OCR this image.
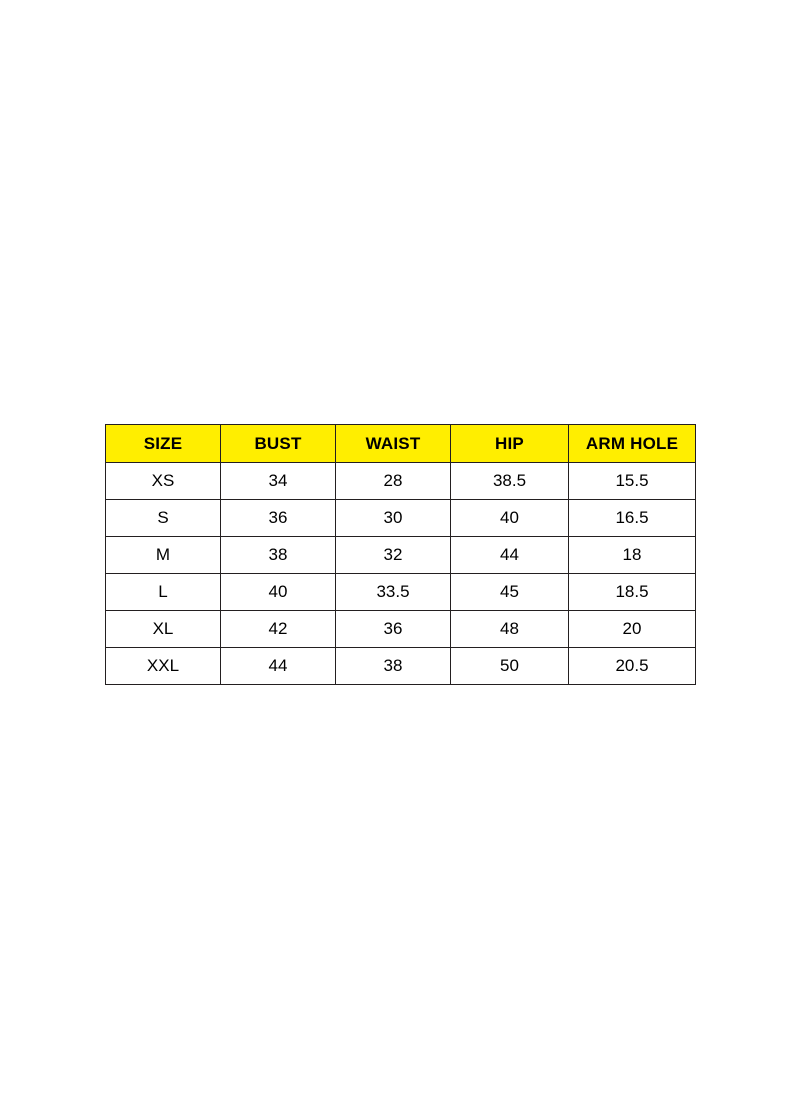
SIZE	BUST	WAIST	HIP	ARM HOLE
XS	34	28	38.5	15.5
S	36	30	40	16.5
M	38	32	44	18
L	40	33.5	45	18.5
XL	42	36	48	20
XXL	44	38	50	20.5
